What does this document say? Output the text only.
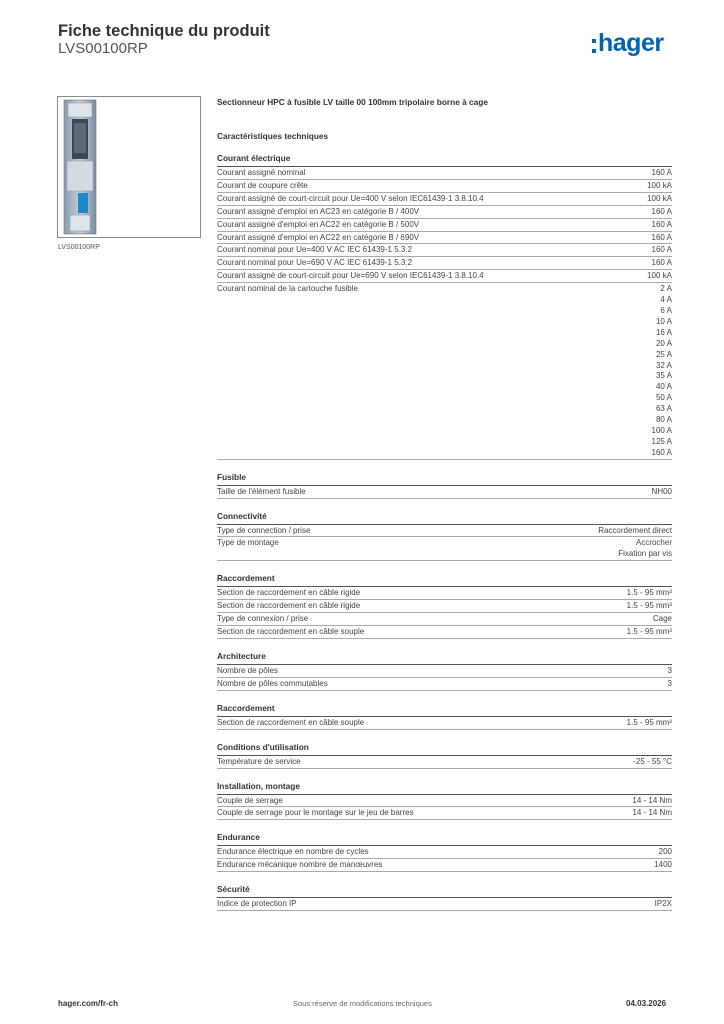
Fiche technique du produit
LVS00100RP	hager
LVS00100RP
Sectionneur HPC à fusible LV taille 00 100mm tripolaire borne à cage
Caractéristiques techniques
Courant électrique
Courant assigné nominal	160 A
Courant de coupure crête	100 kA
Courant assigné de court-circuit pour Ue=400 V selon IEC61439-1 3.8.10.4	100 kA
Courant assigné d'emploi en AC23 en catégorie B / 400V	160 A
Courant assigné d'emploi en AC22 en catégorie B / 500V	160 A
Courant assigné d'emploi en AC22 en catégorie B / 690V	160 A
Courant nominal pour Ue=400 V AC IEC 61439-1 5.3.2	160 A
Courant nominal pour Ue=690 V AC IEC 61439-1 5.3.2	160 A
Courant assigné de court-circuit pour Ue=690 V selon IEC61439-1 3.8.10.4	100 kA
Courant nominal de la cartouche fusible	2 A
4 A
6 A
10 A
16 A
20 A
25 A
32 A
35 A
40 A
50 A
63 A
80 A
100 A
125 A
160 A
Fusible
Taille de l'élément fusible	NH00
Connectivité
Type de connection / prise	Raccordement direct
Type de montage	Accrocher
Fixation par vis
Raccordement
Section de raccordement en câble rigide	1.5 - 95 mm²
Section de raccordement en câble rigide	1.5 - 95 mm²
Type de connexion / prise	Cage
Section de raccordement en câble souple	1.5 - 95 mm²
Architecture
Nombre de pôles	3
Nombre de pôles commutables	3
Raccordement
Section de raccordement en câble souple	1.5 - 95 mm²
Conditions d'utilisation
Température de service	-25 - 55 °C
Installation, montage
Couple de serrage	14 - 14 Nm
Couple de serrage pour le montage sur le jeu de barres	14 - 14 Nm
Endurance
Endurance électrique en nombre de cycles	200
Endurance mécanique nombre de manœuvres	1400
Sécurité
Indice de protection IP	IP2X
hager.com/fr-ch	Sous réserve de modifications techniques	04.03.2026
